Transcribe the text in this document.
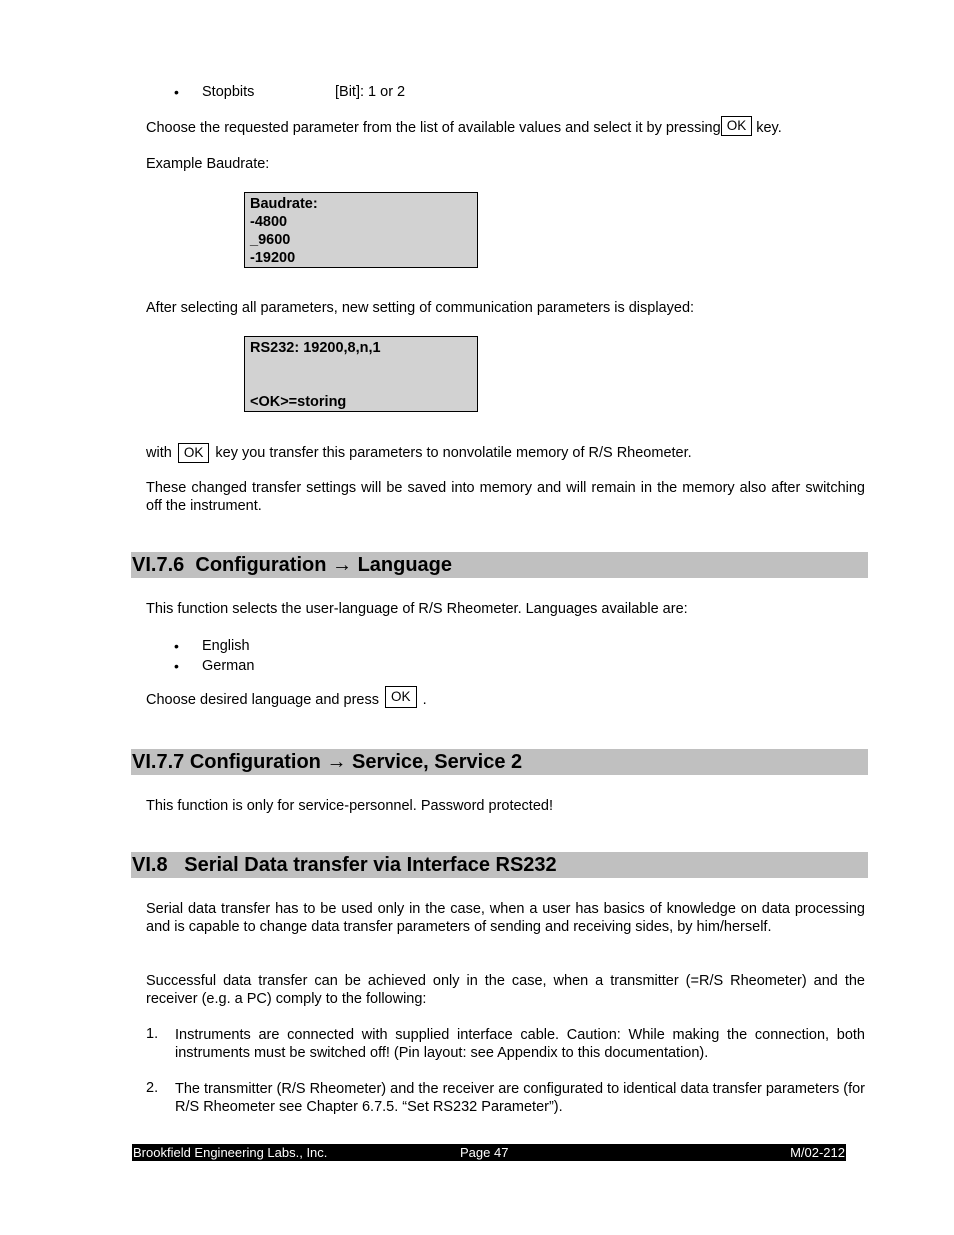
• Stopbits	[Bit]: 1 or 2
Choose the requested parameter from the list of available values and select it by pressing OK key.
Example Baudrate:
Baudrate:
-4800
_9600
-19200
After selecting all parameters, new setting of communication parameters is displayed:
RS232: 19200,8,n,1
<OK>=storing
with OK key you transfer this parameters to nonvolatile memory of R/S Rheometer.
These changed transfer settings will be saved into memory and will remain in the memory also after switching off the instrument.
VI.7.6  Configuration → Language
This function selects the user-language of R/S Rheometer. Languages available are:
• English
• German
Choose desired language and press OK .
VI.7.7 Configuration → Service, Service 2
This function is only for service-personnel. Password protected!
VI.8   Serial Data transfer via Interface RS232
Serial data transfer has to be used only in the case, when a user has basics of knowledge on data processing and is capable to change data transfer parameters of sending and receiving sides, by him/herself.
Successful data transfer can be achieved only in the case, when a transmitter (=R/S Rheometer) and the receiver (e.g. a PC) comply to the following:
1. Instruments are connected with supplied interface cable. Caution: While making the connection, both instruments must be switched off! (Pin layout: see Appendix to this documentation).
2. The transmitter (R/S Rheometer) and the receiver are configurated to identical data transfer parameters (for R/S Rheometer see Chapter 6.7.5. “Set RS232 Parameter”).
Brookfield Engineering Labs., Inc.	Page 47	M/02-212
